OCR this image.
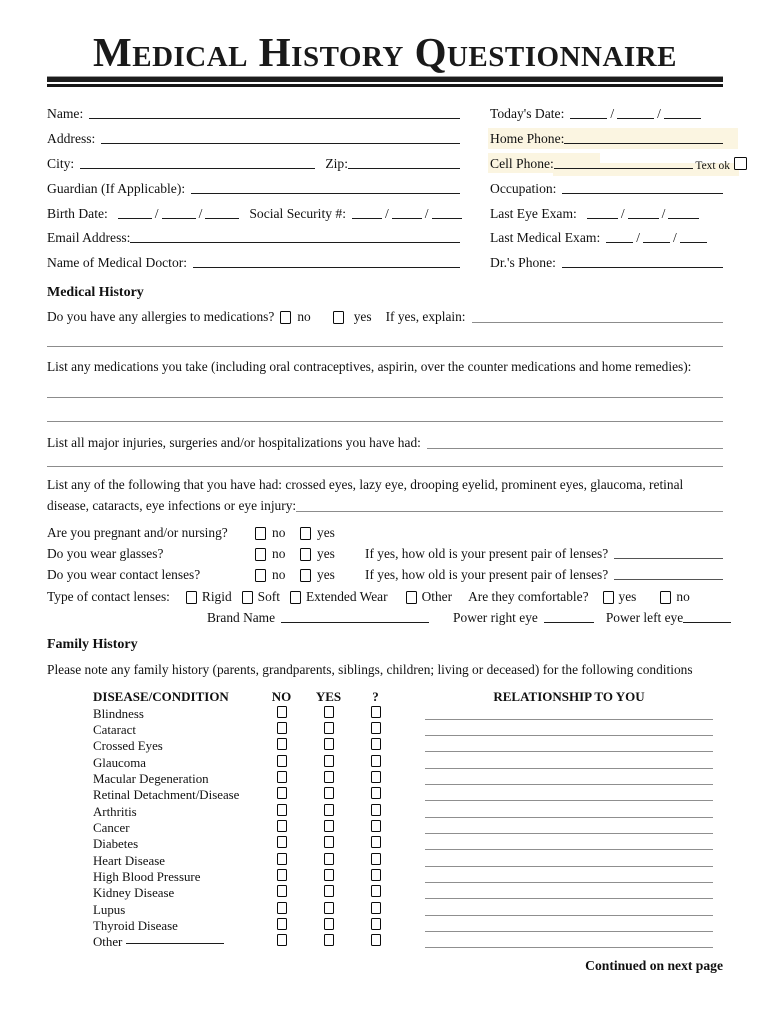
Medical History Questionnaire
Name:
Address:
City:	Zip:
Guardian (If Applicable):
Birth Date:	/	/	Social Security #:	/	/
Email Address:
Name of Medical Doctor:
Today's Date:	/	/
Home Phone:
Cell Phone:	Text ok
Occupation:
Last Eye Exam:	/	/
Last Medical Exam:	/ /
Dr.'s Phone:
Medical History
Do you have any allergies to medications? no	yes If yes, explain:
List any medications you take (including oral contraceptives, aspirin, over the counter medications and home remedies):
List all major injuries, surgeries and/or hospitalizations you have had:
List any of the following that you have had: crossed eyes, lazy eye, drooping eyelid, prominent eyes, glaucoma, retinal
disease, cataracts, eye infections or eye injury:
Are you pregnant and/or nursing?	no yes
Do you wear glasses?	no yes If yes, how old is your present pair of lenses?
Do you wear contact lenses?	no yes If yes, how old is your present pair of lenses?
Type of contact lenses: Rigid Soft Extended Wear	Other Are they comfortable? yes	no
Brand Name	Power right eye	Power left eye
Family History
Please note any family history (parents, grandparents, siblings, children; living or deceased) for the following conditions
DISEASE/CONDITION	NO	YES	?	RELATIONSHIP TO YOU
Blindness
Cataract
Crossed Eyes
Glaucoma
Macular Degeneration
Retinal Detachment/Disease
Arthritis
Cancer
Diabetes
Heart Disease
High Blood Pressure
Kidney Disease
Lupus
Thyroid Disease
Other
Continued on next page
